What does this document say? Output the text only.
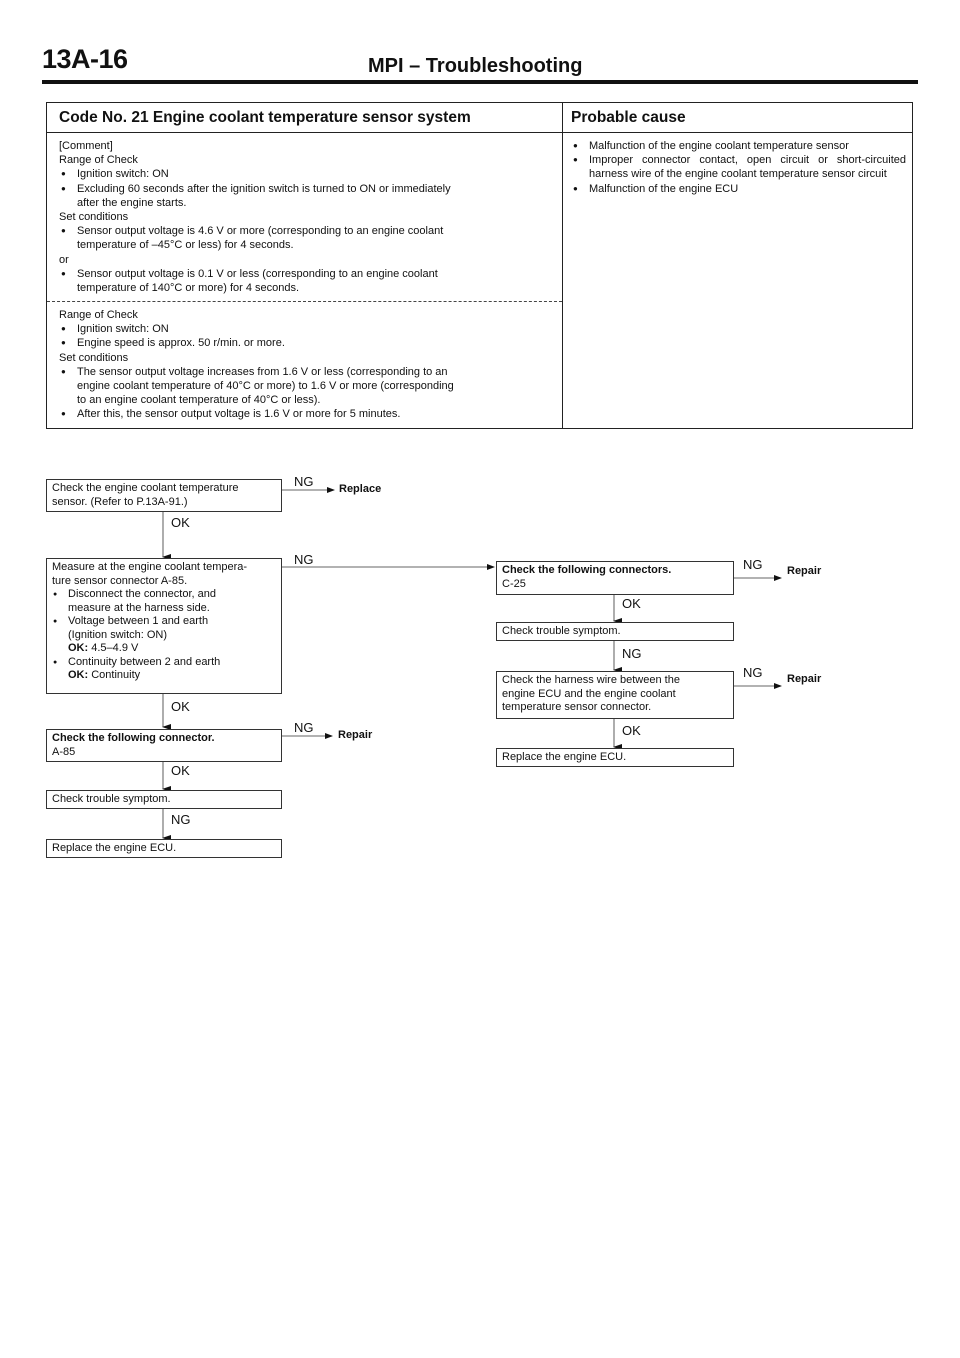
13A-16	MPI – Troubleshooting
Code No. 21 Engine coolant temperature sensor system	Probable cause
[Comment]
Range of Check
● Ignition switch: ON
● Excluding 60 seconds after the ignition switch is turned to ON or immediately
after the engine starts.
Set conditions
● Sensor output voltage is 4.6 V or more (corresponding to an engine coolant
temperature of –45°C or less) for 4 seconds.
or
● Sensor output voltage is 0.1 V or less (corresponding to an engine coolant
temperature of 140°C or more) for 4 seconds.
Range of Check
● Ignition switch: ON
● Engine speed is approx. 50 r/min. or more.
Set conditions
● The sensor output voltage increases from 1.6 V or less (corresponding to an
engine coolant temperature of 40°C or more) to 1.6 V or more (corresponding
to an engine coolant temperature of 40°C or less).
● After this, the sensor output voltage is 1.6 V or more for 5 minutes.
● Malfunction of the engine coolant temperature sensor
● Improper connector contact, open circuit or short-circuited harness wire of the engine coolant temperature sensor circuit
● Malfunction of the engine ECU
Check the engine coolant temperature
sensor. (Refer to P.13A-91.)
Measure at the engine coolant tempera-
ture sensor connector A-85.
● Disconnect the connector, and
measure at the harness side.
● Voltage between 1 and earth
(Ignition switch: ON)
OK: 4.5–4.9 V
● Continuity between 2 and earth
OK: Continuity
Check the following connector.
A-85
Check trouble symptom.
Replace the engine ECU.
Check the following connectors.
C-25
Check trouble symptom.
Check the harness wire between the
engine ECU and the engine coolant
temperature sensor connector.
Replace the engine ECU.
OK
NG Replace
NG
OK
NG Repair
OK
NG
NG Repair
OK
NG
NG Repair
OK
